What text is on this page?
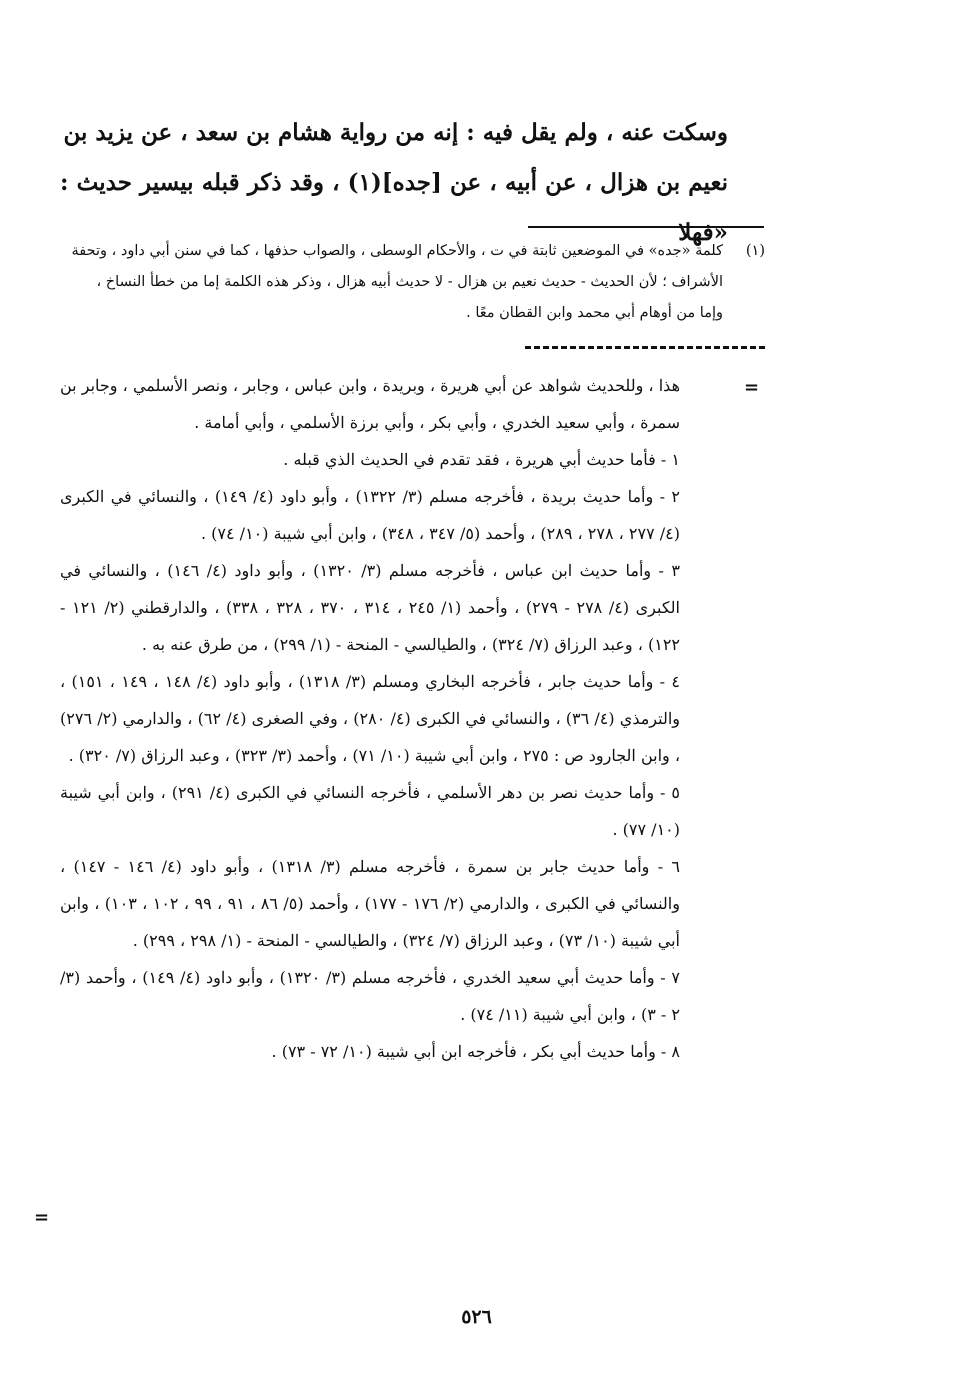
وسكت عنه ، ولم يقل فيه : إنه من رواية هشام بن سعد ، عن يزيد بن

نعيم بن هزال ، عن أبيه ، عن [جده](١) ، وقد ذكر قبله بيسير حديث : «فهلا

(١)
كلمة «جده» في الموضعين ثابتة في ت ، والأحكام الوسطى ، والصواب حذفها ، كما في سنن أبي داود ، وتحفة
الأشراف ؛ لأن الحديث - حديث نعيم بن هزال - لا حديث أبيه هزال ، وذكر هذه الكلمة إما من خطأ النساخ ،
وإما من أوهام أبي محمد وابن القطان معًا .
=

هذا ، وللحديث شواهد عن أبي هريرة ، وبريدة ، وابن عباس ، وجابر ، ونصر الأسلمي ، وجابر بن سمرة ، وأبي سعيد الخدري ، وأبي بكر ، وأبي برزة الأسلمي ، وأبي أمامة .

١ - فأما حديث أبي هريرة ، فقد تقدم في الحديث الذي قبله .

٢ - وأما حديث بريدة ، فأخرجه مسلم (٣/ ١٣٢٢) ، وأبو داود (٤/ ١٤٩) ، والنسائي في الكبرى (٤/ ٢٧٧ ، ٢٧٨ ، ٢٨٩) ، وأحمد (٥/ ٣٤٧ ، ٣٤٨) ، وابن أبي شيبة (١٠/ ٧٤) .

٣ - وأما حديث ابن عباس ، فأخرجه مسلم (٣/ ١٣٢٠) ، وأبو داود (٤/ ١٤٦) ، والنسائي في الكبرى (٤/ ٢٧٨ - ٢٧٩) ، وأحمد (١/ ٢٤٥ ، ٣١٤ ، ٣٧٠ ، ٣٢٨ ، ٣٣٨) ، والدارقطني (٢/ ١٢١ - ١٢٢) ، وعبد الرزاق (٧/ ٣٢٤) ، والطيالسي - المنحة - (١/ ٢٩٩) ، من طرق عنه به .

٤ - وأما حديث جابر ، فأخرجه البخاري ومسلم (٣/ ١٣١٨) ، وأبو داود (٤/ ١٤٨ ، ١٤٩ ، ١٥١) ، والترمذي (٤/ ٣٦) ، والنسائي في الكبرى (٤/ ٢٨٠) ، وفي الصغرى (٤/ ٦٢) ، والدارمي (٢/ ٢٧٦) ، وابن الجارود ص : ٢٧٥ ، وابن أبي شيبة (١٠/ ٧١) ، وأحمد (٣/ ٣٢٣) ، وعبد الرزاق (٧/ ٣٢٠) .

٥ - وأما حديث نصر بن دهر الأسلمي ، فأخرجه النسائي في الكبرى (٤/ ٢٩١) ، وابن أبي شيبة (١٠/ ٧٧) .

٦ - وأما حديث جابر بن سمرة ، فأخرجه مسلم (٣/ ١٣١٨) ، وأبو داود (٤/ ١٤٦ - ١٤٧) ، والنسائي في الكبرى ، والدارمي (٢/ ١٧٦ - ١٧٧) ، وأحمد (٥/ ٨٦ ، ٩١ ، ٩٩ ، ١٠٢ ، ١٠٣) ، وابن أبي شيبة (١٠/ ٧٣) ، وعبد الرزاق (٧/ ٣٢٤) ، والطيالسي - المنحة - (١/ ٢٩٨ ، ٢٩٩) .

٧ - وأما حديث أبي سعيد الخدري ، فأخرجه مسلم (٣/ ١٣٢٠) ، وأبو داود (٤/ ١٤٩) ، وأحمد (٣/ ٢ - ٣) ، وابن أبي شيبة (١١/ ٧٤) .

٨ - وأما حديث أبي بكر ، فأخرجه ابن أبي شيبة (١٠/ ٧٢ - ٧٣) .

=
٥٢٦
